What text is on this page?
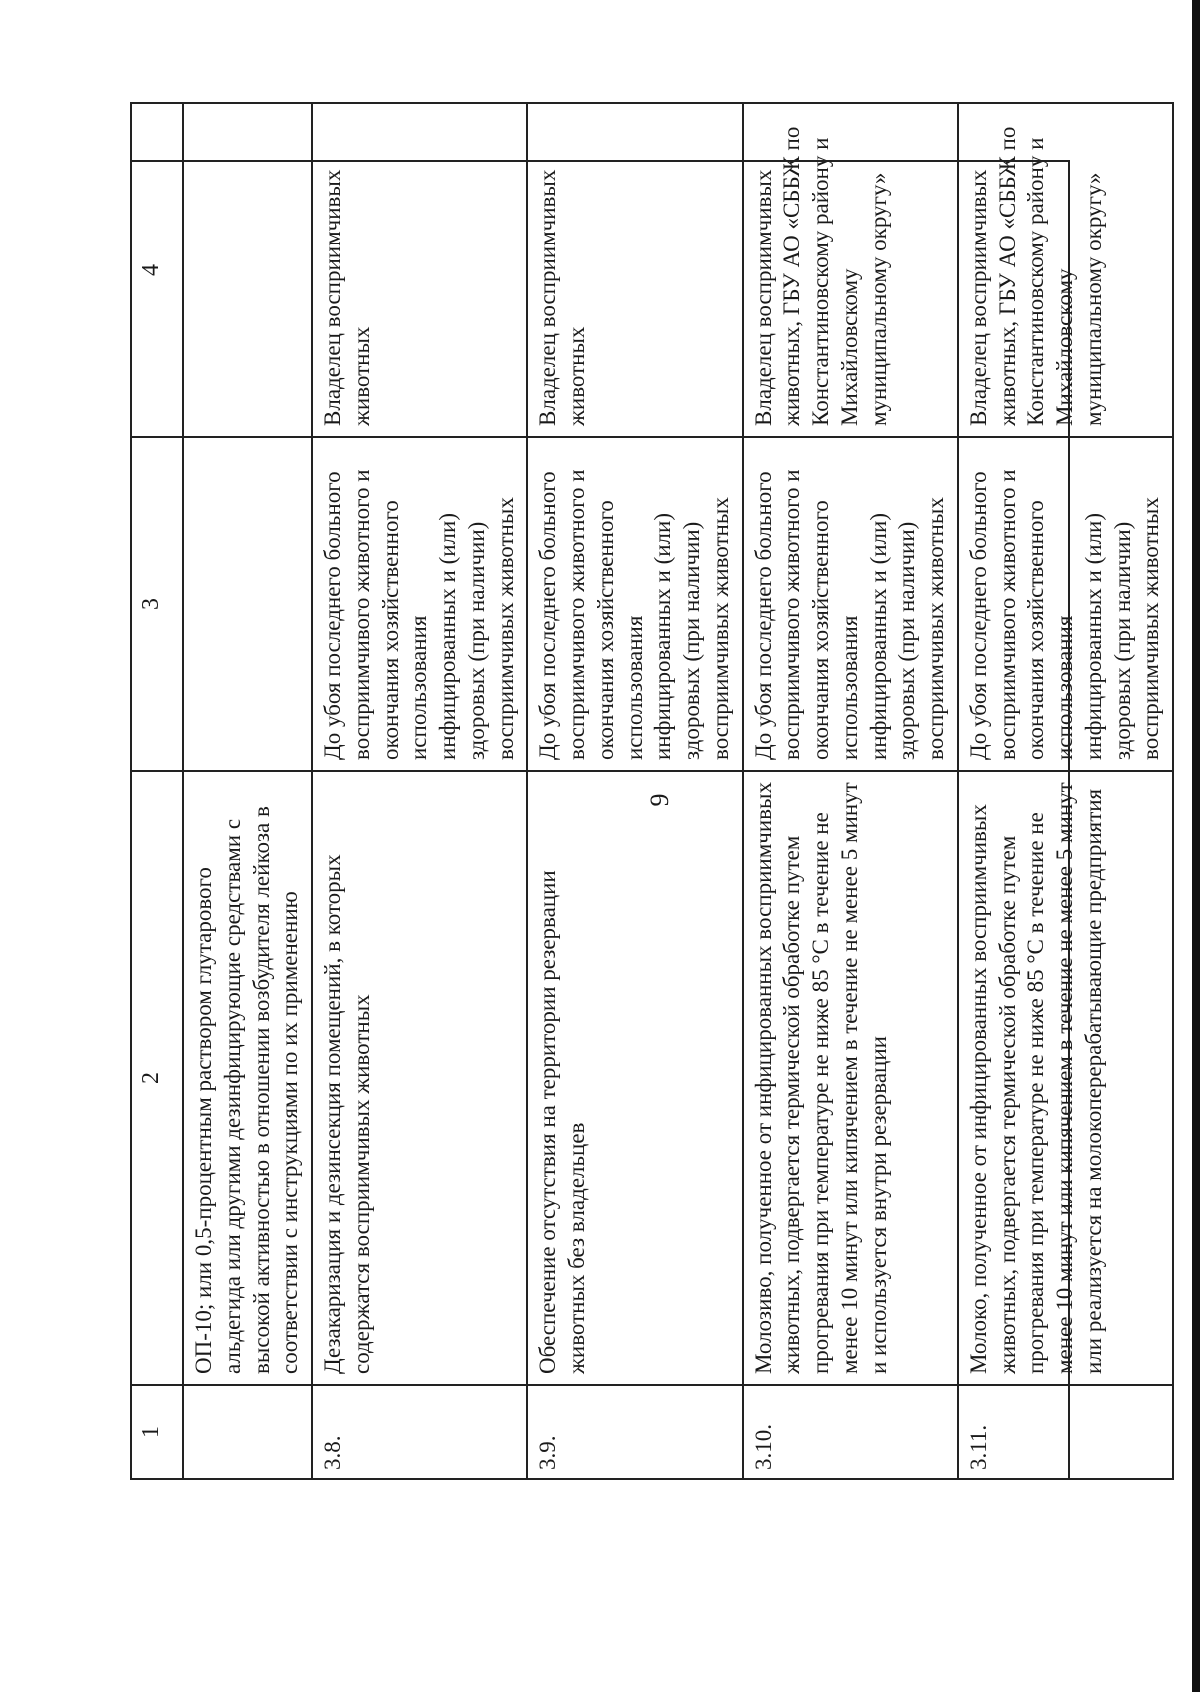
9
1	2	3	4
	ОП-10; или 0,5-процентным раствором глутарового альдегида или другими дезинфицирующие средствами с высокой активностью в отношении возбудителя лейкоза в соответствии с инструкциями по их применению		
3.8.	Дезакаризация и дезинсекция помещений, в которых содержатся восприимчивых животных	До убоя последнего больного восприимчивого животного и окончания хозяйственного использования инфицированных и (или) здоровых (при наличии) восприимчивых животных	Владелец восприимчивых животных
3.9.	Обеспечение отсутствия на территории резервации животных без владельцев	До убоя последнего больного восприимчивого животного и окончания хозяйственного использования инфицированных и (или) здоровых (при наличии) восприимчивых животных	Владелец восприимчивых животных
3.10.	Молозиво, полученное от инфицированных восприимчивых животных, подвергается термической обработке путем прогревания при температуре не ниже 85 °С в течение не менее 10 минут или кипячением в течение не менее 5 минут и используется внутри резервации	До убоя последнего больного восприимчивого животного и окончания хозяйственного использования инфицированных и (или) здоровых (при наличии) восприимчивых животных	Владелец восприимчивых животных, ГБУ АО «СББЖ по Константиновскому району и Михайловскому муниципальному округу»
3.11.	Молоко, полученное от инфицированных восприимчивых животных, подвергается термической обработке путем прогревания при температуре не ниже 85 °С в течение не менее 10 минут или кипячением в течение не менее 5 минут или реализуется на молокоперерабатывающие предприятия	До убоя последнего больного восприимчивого животного и окончания хозяйственного использования инфицированных и (или) здоровых (при наличии) восприимчивых животных	Владелец восприимчивых животных, ГБУ АО «СББЖ по Константиновскому району и Михайловскому муниципальному округу»
